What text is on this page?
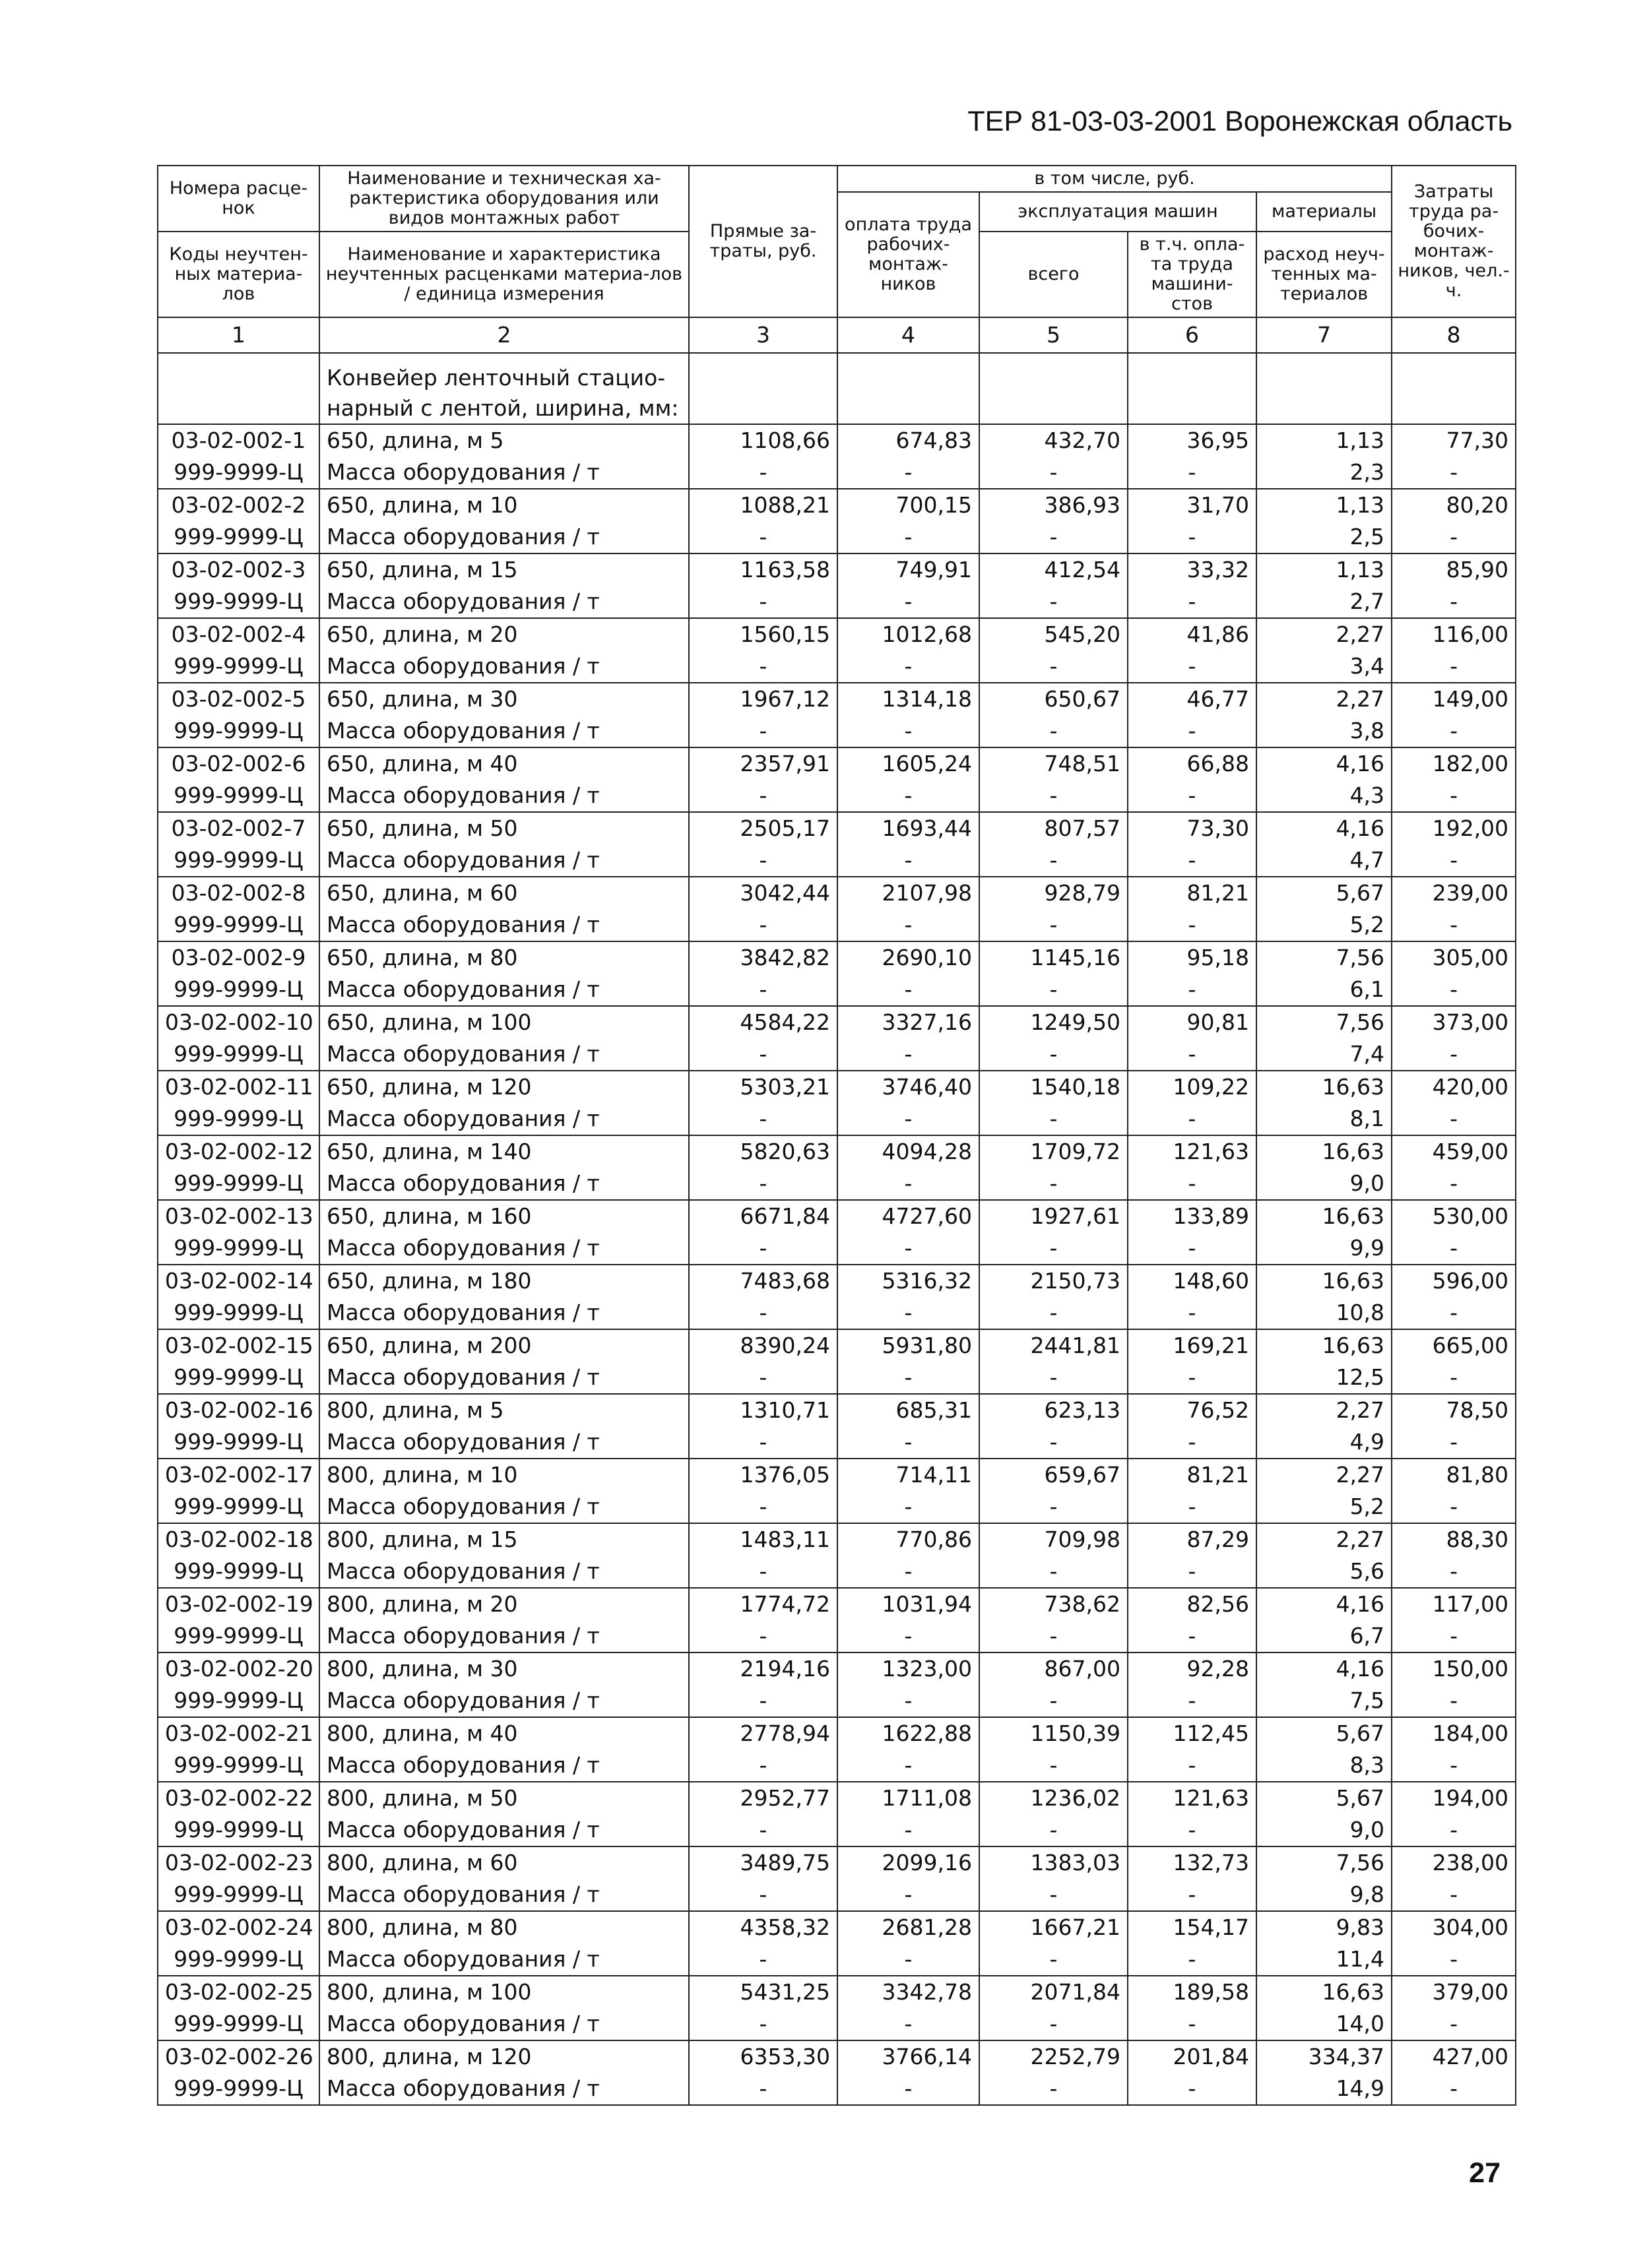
ТЕР 81-03-03-2001 Воронежская область
Номера расце-нок	Наименование и техническая ха-рактеристика оборудования или видов монтажных работ	Прямые за-траты, руб.	в том числе, руб.				Затраты труда ра-бочих-монтаж-ников, чел.-ч.
			оплата труда рабочих-монтаж-ников	эксплуатация машин		материалы	
Коды неучтен-ных материа-лов	Наименование и характеристика неучтенных расценками материа-лов / единица измерения			всего	в т.ч. опла-та труда машини-стов	расход неуч-тенных ма-териалов	

1	2	3	4	5	6	7	8
	Конвейер ленточный стацио-нарный с лентой, ширина, мм:						
03-02-002-1	650, длина, м 5	1108,66	674,83	432,70	36,95	1,13	77,30
999-9999-Ц	Масса оборудования / т	-	-	-	-	2,3	-
03-02-002-2	650, длина, м 10	1088,21	700,15	386,93	31,70	1,13	80,20
999-9999-Ц	Масса оборудования / т	-	-	-	-	2,5	-
03-02-002-3	650, длина, м 15	1163,58	749,91	412,54	33,32	1,13	85,90
999-9999-Ц	Масса оборудования / т	-	-	-	-	2,7	-
03-02-002-4	650, длина, м 20	1560,15	1012,68	545,20	41,86	2,27	116,00
999-9999-Ц	Масса оборудования / т	-	-	-	-	3,4	-
03-02-002-5	650, длина, м 30	1967,12	1314,18	650,67	46,77	2,27	149,00
999-9999-Ц	Масса оборудования / т	-	-	-	-	3,8	-
03-02-002-6	650, длина, м 40	2357,91	1605,24	748,51	66,88	4,16	182,00
999-9999-Ц	Масса оборудования / т	-	-	-	-	4,3	-
03-02-002-7	650, длина, м 50	2505,17	1693,44	807,57	73,30	4,16	192,00
999-9999-Ц	Масса оборудования / т	-	-	-	-	4,7	-
03-02-002-8	650, длина, м 60	3042,44	2107,98	928,79	81,21	5,67	239,00
999-9999-Ц	Масса оборудования / т	-	-	-	-	5,2	-
03-02-002-9	650, длина, м 80	3842,82	2690,10	1145,16	95,18	7,56	305,00
999-9999-Ц	Масса оборудования / т	-	-	-	-	6,1	-
03-02-002-10	650, длина, м 100	4584,22	3327,16	1249,50	90,81	7,56	373,00
999-9999-Ц	Масса оборудования / т	-	-	-	-	7,4	-
03-02-002-11	650, длина, м 120	5303,21	3746,40	1540,18	109,22	16,63	420,00
999-9999-Ц	Масса оборудования / т	-	-	-	-	8,1	-
03-02-002-12	650, длина, м 140	5820,63	4094,28	1709,72	121,63	16,63	459,00
999-9999-Ц	Масса оборудования / т	-	-	-	-	9,0	-
03-02-002-13	650, длина, м 160	6671,84	4727,60	1927,61	133,89	16,63	530,00
999-9999-Ц	Масса оборудования / т	-	-	-	-	9,9	-
03-02-002-14	650, длина, м 180	7483,68	5316,32	2150,73	148,60	16,63	596,00
999-9999-Ц	Масса оборудования / т	-	-	-	-	10,8	-
03-02-002-15	650, длина, м 200	8390,24	5931,80	2441,81	169,21	16,63	665,00
999-9999-Ц	Масса оборудования / т	-	-	-	-	12,5	-
03-02-002-16	800, длина, м 5	1310,71	685,31	623,13	76,52	2,27	78,50
999-9999-Ц	Масса оборудования / т	-	-	-	-	4,9	-
03-02-002-17	800, длина, м 10	1376,05	714,11	659,67	81,21	2,27	81,80
999-9999-Ц	Масса оборудования / т	-	-	-	-	5,2	-
03-02-002-18	800, длина, м 15	1483,11	770,86	709,98	87,29	2,27	88,30
999-9999-Ц	Масса оборудования / т	-	-	-	-	5,6	-
03-02-002-19	800, длина, м 20	1774,72	1031,94	738,62	82,56	4,16	117,00
999-9999-Ц	Масса оборудования / т	-	-	-	-	6,7	-
03-02-002-20	800, длина, м 30	2194,16	1323,00	867,00	92,28	4,16	150,00
999-9999-Ц	Масса оборудования / т	-	-	-	-	7,5	-
03-02-002-21	800, длина, м 40	2778,94	1622,88	1150,39	112,45	5,67	184,00
999-9999-Ц	Масса оборудования / т	-	-	-	-	8,3	-
03-02-002-22	800, длина, м 50	2952,77	1711,08	1236,02	121,63	5,67	194,00
999-9999-Ц	Масса оборудования / т	-	-	-	-	9,0	-
03-02-002-23	800, длина, м 60	3489,75	2099,16	1383,03	132,73	7,56	238,00
999-9999-Ц	Масса оборудования / т	-	-	-	-	9,8	-
03-02-002-24	800, длина, м 80	4358,32	2681,28	1667,21	154,17	9,83	304,00
999-9999-Ц	Масса оборудования / т	-	-	-	-	11,4	-
03-02-002-25	800, длина, м 100	5431,25	3342,78	2071,84	189,58	16,63	379,00
999-9999-Ц	Масса оборудования / т	-	-	-	-	14,0	-
03-02-002-26	800, длина, м 120	6353,30	3766,14	2252,79	201,84	334,37	427,00
999-9999-Ц	Масса оборудования / т	-	-	-	-	14,9	-
27
